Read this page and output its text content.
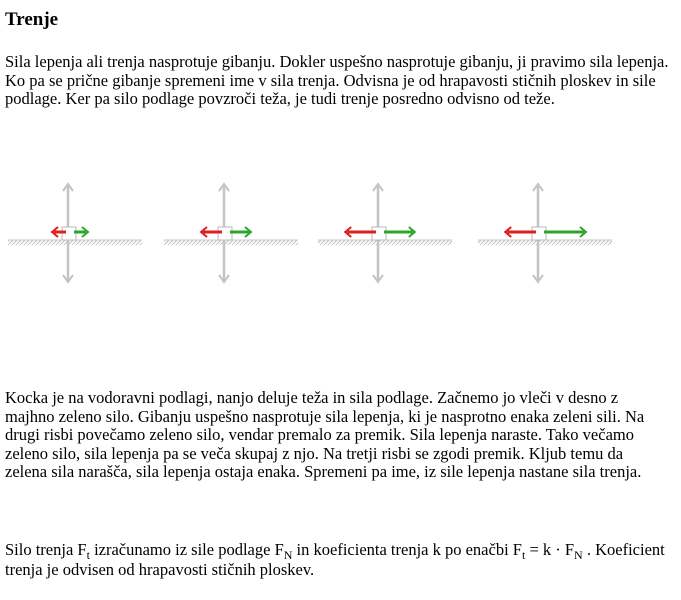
Trenje

Sila lepenja ali trenja nasprotuje gibanju. Dokler uspešno nasprotuje gibanju, ji pravimo sila lepenja. Ko pa se prične gibanje spremeni ime v sila trenja. Odvisna je od hrapavosti stičnih ploskev in sile podlage. Ker pa silo podlage povzroči teža, je tudi trenje posredno odvisno od teže.

Kocka je na vodoravni podlagi, nanjo deluje teža in sila podlage. Začnemo jo vleči v desno z majhno zeleno silo. Gibanju uspešno nasprotuje sila lepenja, ki je nasprotno enaka zeleni sili. Na drugi risbi povečamo zeleno silo, vendar premalo za premik. Sila lepenja naraste. Tako večamo zeleno silo, sila lepenja pa se veča skupaj z njo. Na tretji risbi se zgodi premik. Kljub temu da zelena sila narašča, sila lepenja ostaja enaka. Spremeni pa ime, iz sile lepenja nastane sila trenja.

Silo trenja $F_t$ izračunamo iz sile podlage $F_N$ in koeficienta trenja k po enačbi $F_t = k \cdot F_N$ . Koeficient trenja je odvisen od hrapavosti stičnih ploskev.
